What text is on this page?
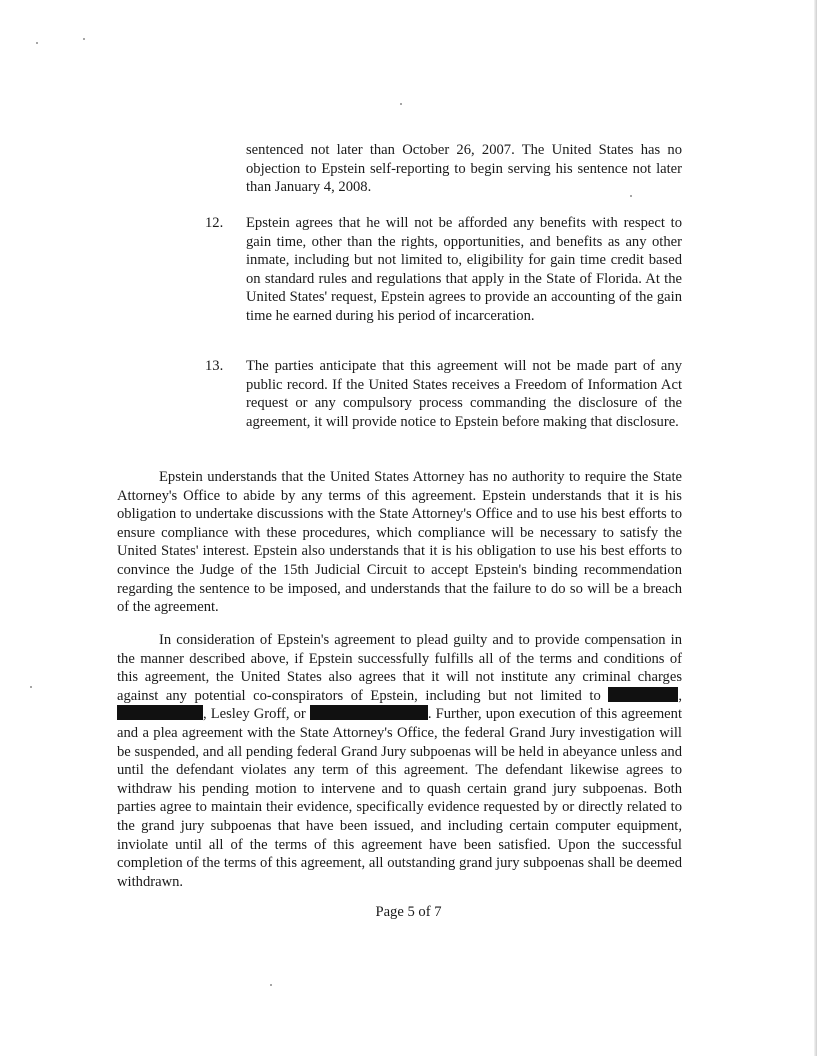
sentenced not later than October 26, 2007. The United States has no objection to Epstein self-reporting to begin serving his sentence not later than January 4, 2008.
12. Epstein agrees that he will not be afforded any benefits with respect to gain time, other than the rights, opportunities, and benefits as any other inmate, including but not limited to, eligibility for gain time credit based on standard rules and regulations that apply in the State of Florida. At the United States' request, Epstein agrees to provide an accounting of the gain time he earned during his period of incarceration.
13. The parties anticipate that this agreement will not be made part of any public record. If the United States receives a Freedom of Information Act request or any compulsory process commanding the disclosure of the agreement, it will provide notice to Epstein before making that disclosure.
Epstein understands that the United States Attorney has no authority to require the State Attorney's Office to abide by any terms of this agreement. Epstein understands that it is his obligation to undertake discussions with the State Attorney's Office and to use his best efforts to ensure compliance with these procedures, which compliance will be necessary to satisfy the United States' interest. Epstein also understands that it is his obligation to use his best efforts to convince the Judge of the 15th Judicial Circuit to accept Epstein's binding recommendation regarding the sentence to be imposed, and understands that the failure to do so will be a breach of the agreement.
In consideration of Epstein's agreement to plead guilty and to provide compensation in the manner described above, if Epstein successfully fulfills all of the terms and conditions of this agreement, the United States also agrees that it will not institute any criminal charges against any potential co-conspirators of Epstein, including but not limited to	, , Lesley Groff, or	. Further, upon execution of this agreement and a plea agreement with the State Attorney's Office, the federal Grand Jury investigation will be suspended, and all pending federal Grand Jury subpoenas will be held in abeyance unless and until the defendant violates any term of this agreement. The defendant likewise agrees to withdraw his pending motion to intervene and to quash certain grand jury subpoenas. Both parties agree to maintain their evidence, specifically evidence requested by or directly related to the grand jury subpoenas that have been issued, and including certain computer equipment, inviolate until all of the terms of this agreement have been satisfied. Upon the successful completion of the terms of this agreement, all outstanding grand jury subpoenas shall be deemed withdrawn.
Page 5 of 7
